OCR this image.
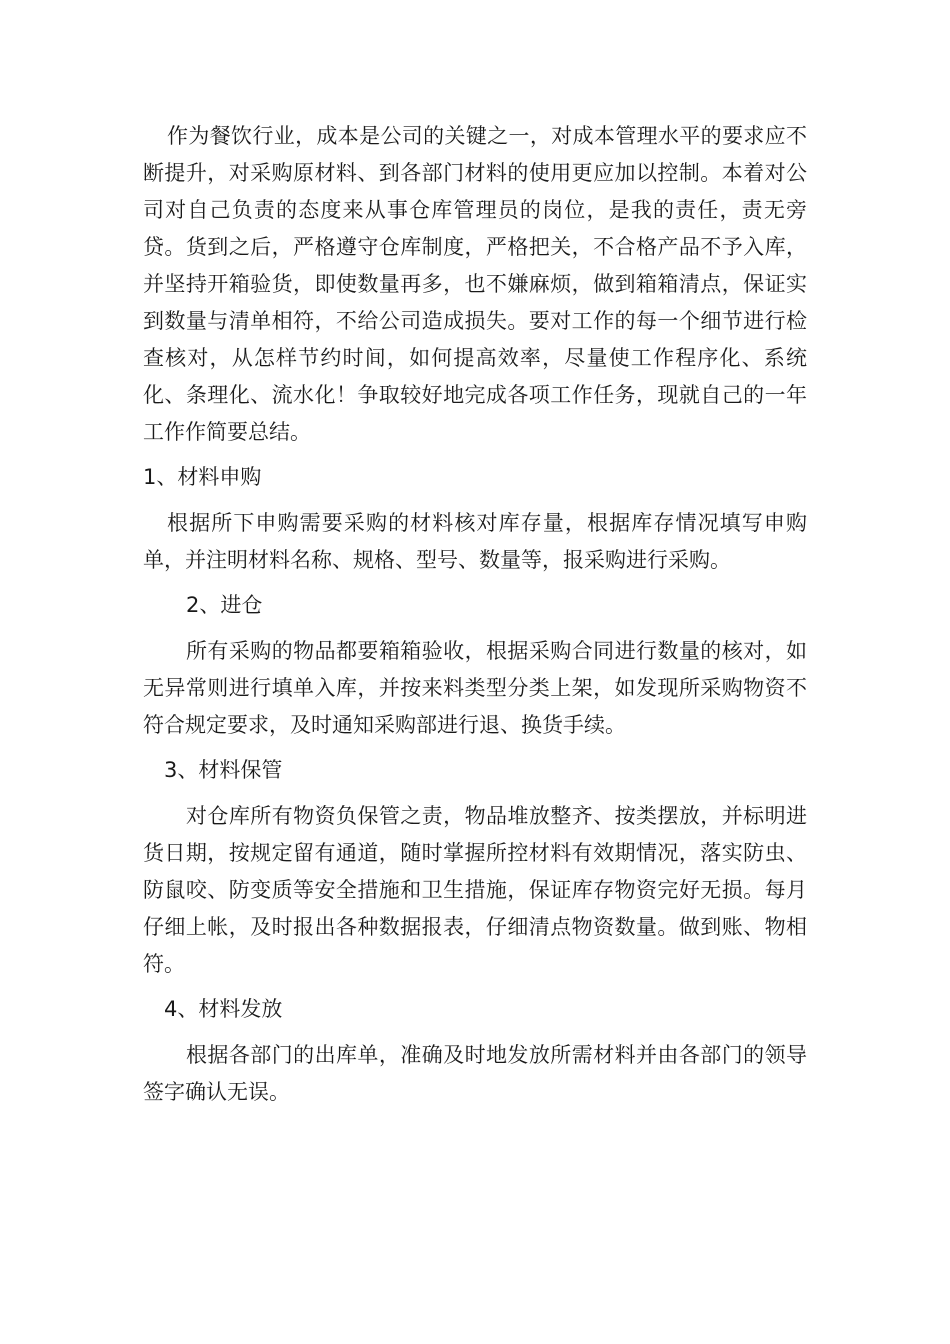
作为餐饮行业，成本是公司的关键之一，对成本管理水平的要求应不断提升，对采购原材料、到各部门材料的使用更应加以控制。本着对公司对自己负责的态度来从事仓库管理员的岗位，是我的责任，责无旁贷。货到之后，严格遵守仓库制度，严格把关，不合格产品不予入库，并坚持开箱验货，即使数量再多，也不嫌麻烦，做到箱箱清点，保证实到数量与清单相符，不给公司造成损失。要对工作的每一个细节进行检查核对，从怎样节约时间，如何提高效率，尽量使工作程序化、系统化、条理化、流水化！争取较好地完成各项工作任务，现就自己的一年工作作简要总结。

1、材料申购

根据所下申购需要采购的材料核对库存量，根据库存情况填写申购单，并注明材料名称、规格、型号、数量等，报采购进行采购。

2、进仓

所有采购的物品都要箱箱验收，根据采购合同进行数量的核对，如无异常则进行填单入库，并按来料类型分类上架，如发现所采购物资不符合规定要求，及时通知采购部进行退、换货手续。

3、材料保管

对仓库所有物资负保管之责，物品堆放整齐、按类摆放，并标明进货日期，按规定留有通道，随时掌握所控材料有效期情况，落实防虫、防鼠咬、防变质等安全措施和卫生措施，保证库存物资完好无损。每月仔细上帐，及时报出各种数据报表，仔细清点物资数量。做到账、物相符。

4、材料发放

根据各部门的出库单，准确及时地发放所需材料并由各部门的领导签字确认无误。
